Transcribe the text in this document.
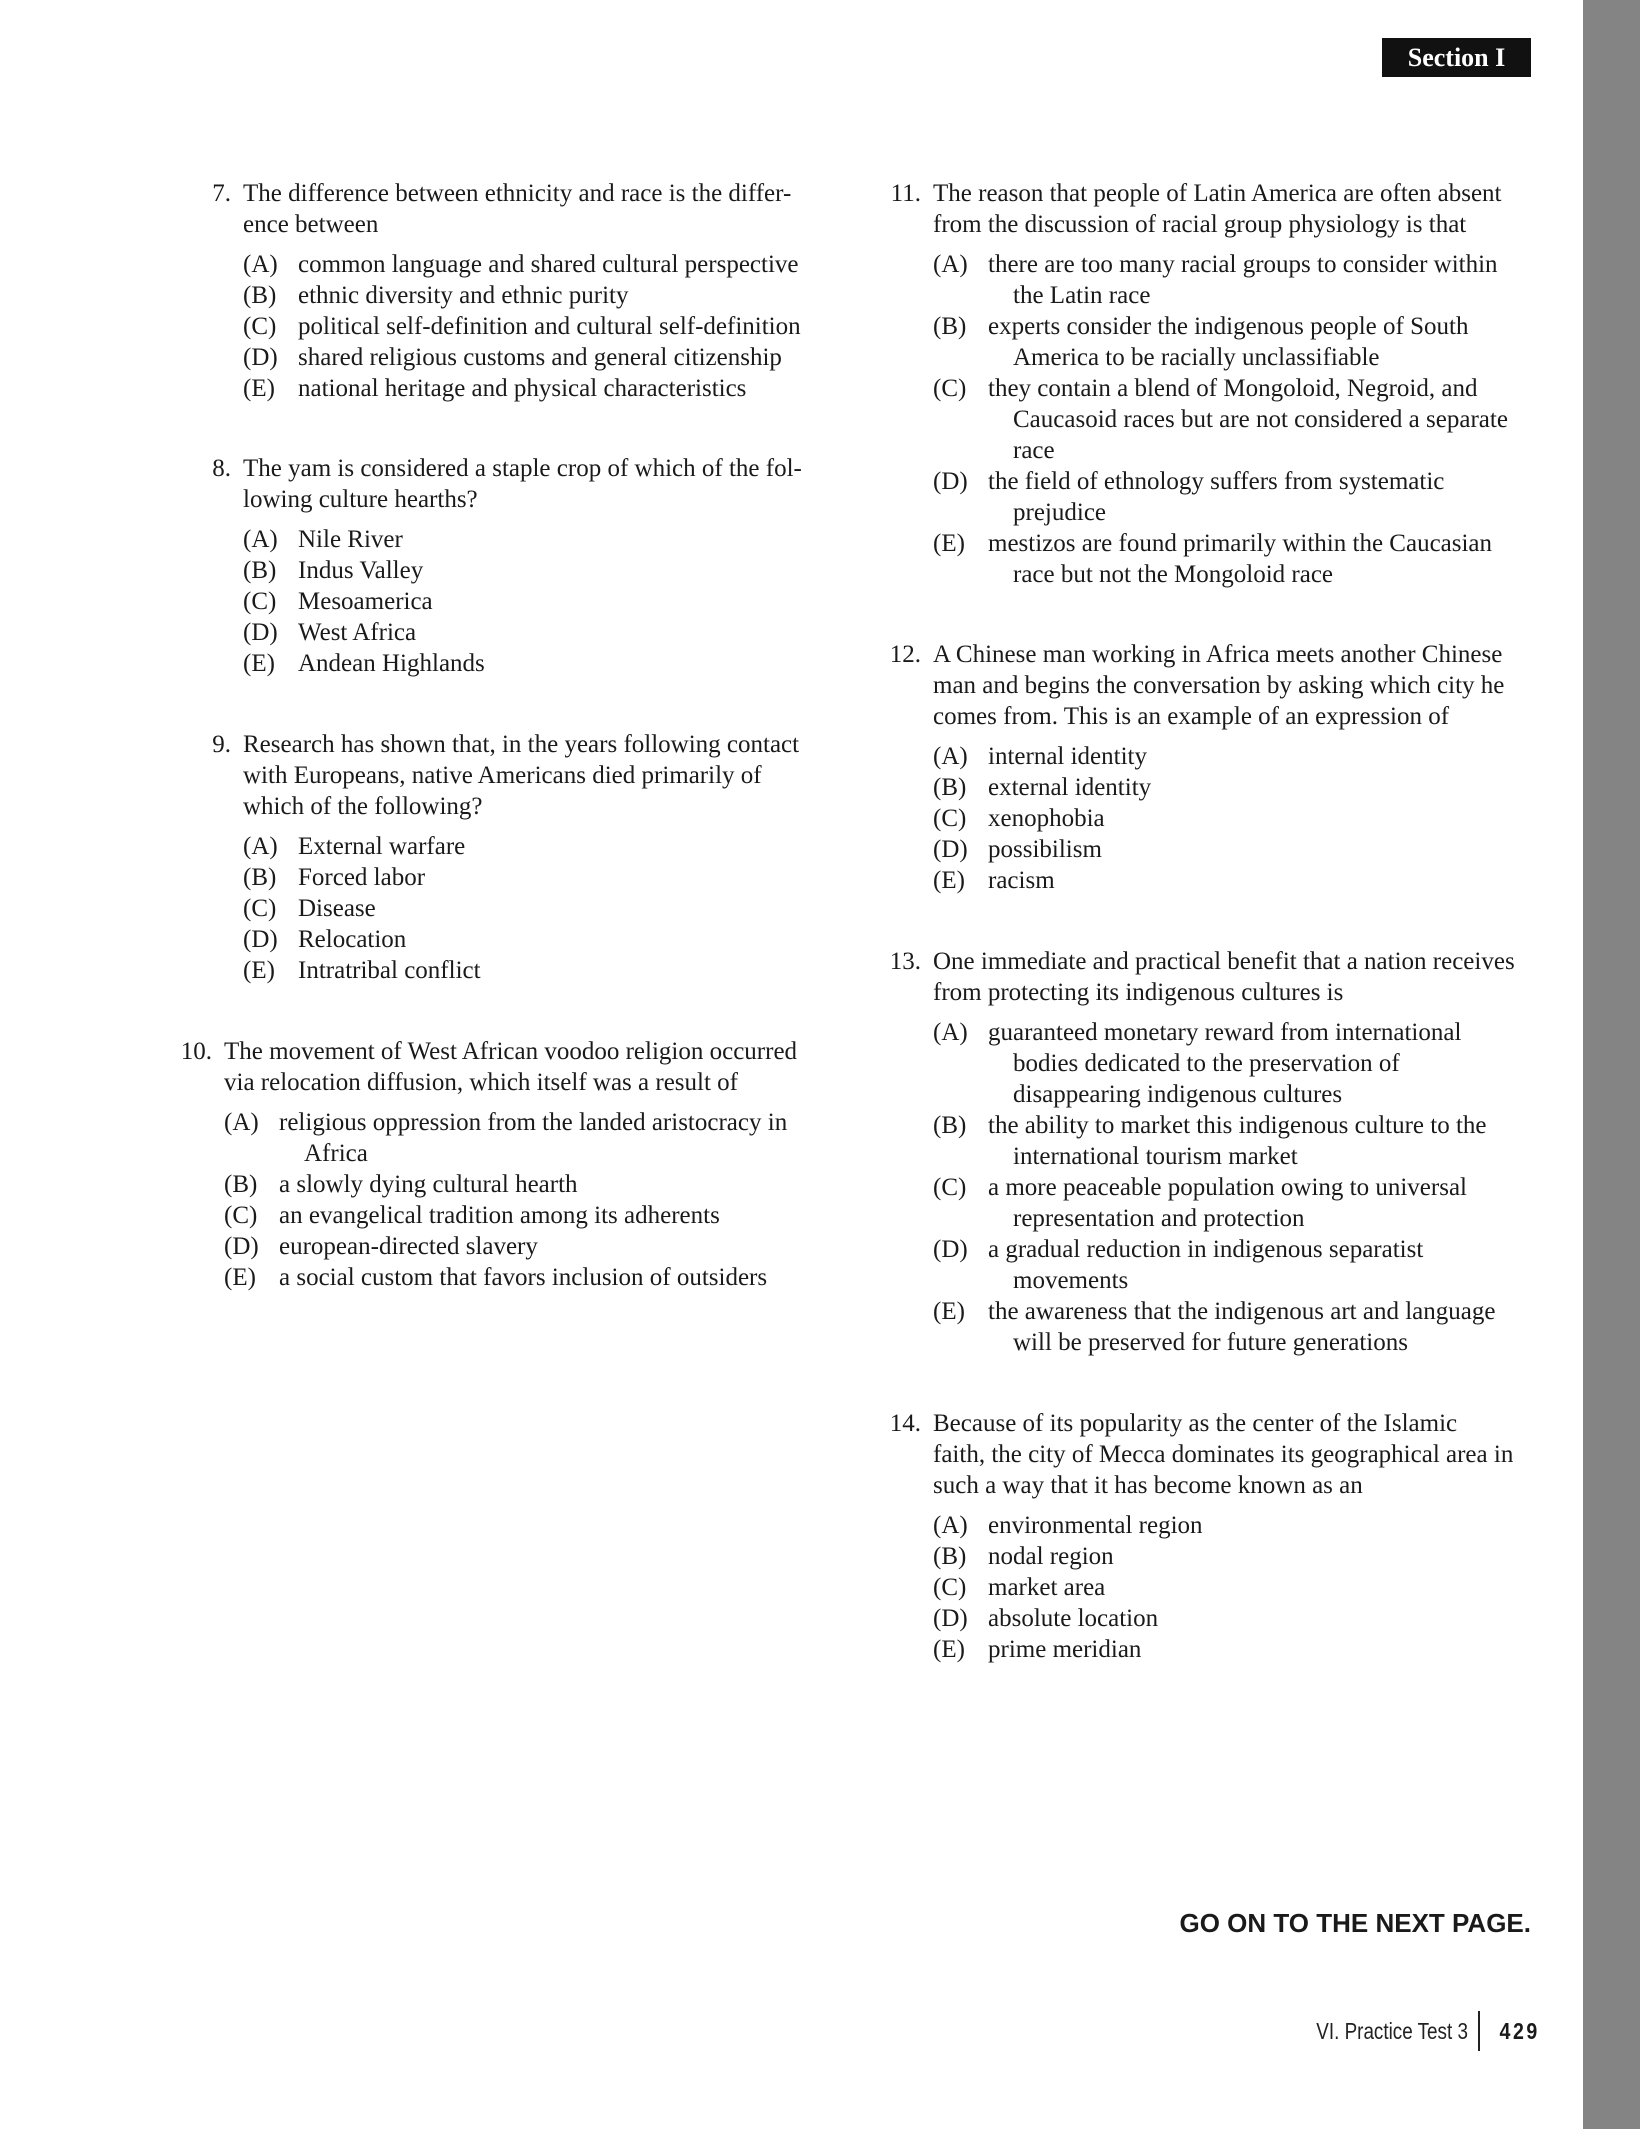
Section I
7. The difference between ethnicity and race is the differ-
ence between
(A) common language and shared cultural perspective
(B) ethnic diversity and ethnic purity
(C) political self-definition and cultural self-definition
(D) shared religious customs and general citizenship
(E) national heritage and physical characteristics
8. The yam is considered a staple crop of which of the fol-
lowing culture hearths?
(A) Nile River
(B) Indus Valley
(C) Mesoamerica
(D) West Africa
(E) Andean Highlands
9. Research has shown that, in the years following contact
with Europeans, native Americans died primarily of
which of the following?
(A) External warfare
(B) Forced labor
(C) Disease
(D) Relocation
(E) Intratribal conflict
10. The movement of West African voodoo religion occurred
via relocation diffusion, which itself was a result of
(A) religious oppression from the landed aristocracy in
Africa
(B) a slowly dying cultural hearth
(C) an evangelical tradition among its adherents
(D) european-directed slavery
(E) a social custom that favors inclusion of outsiders
11. The reason that people of Latin America are often absent
from the discussion of racial group physiology is that
(A) there are too many racial groups to consider within
the Latin race
(B) experts consider the indigenous people of South
America to be racially unclassifiable
(C) they contain a blend of Mongoloid, Negroid, and
Caucasoid races but are not considered a separate
race
(D) the field of ethnology suffers from systematic
prejudice
(E) mestizos are found primarily within the Caucasian
race but not the Mongoloid race
12. A Chinese man working in Africa meets another Chinese
man and begins the conversation by asking which city he
comes from. This is an example of an expression of
(A) internal identity
(B) external identity
(C) xenophobia
(D) possibilism
(E) racism
13. One immediate and practical benefit that a nation receives
from protecting its indigenous cultures is
(A) guaranteed monetary reward from international
bodies dedicated to the preservation of
disappearing indigenous cultures
(B) the ability to market this indigenous culture to the
international tourism market
(C) a more peaceable population owing to universal
representation and protection
(D) a gradual reduction in indigenous separatist
movements
(E) the awareness that the indigenous art and language
will be preserved for future generations
14. Because of its popularity as the center of the Islamic
faith, the city of Mecca dominates its geographical area in
such a way that it has become known as an
(A) environmental region
(B) nodal region
(C) market area
(D) absolute location
(E) prime meridian
GO ON TO THE NEXT PAGE.
VI. Practice Test 3 429
